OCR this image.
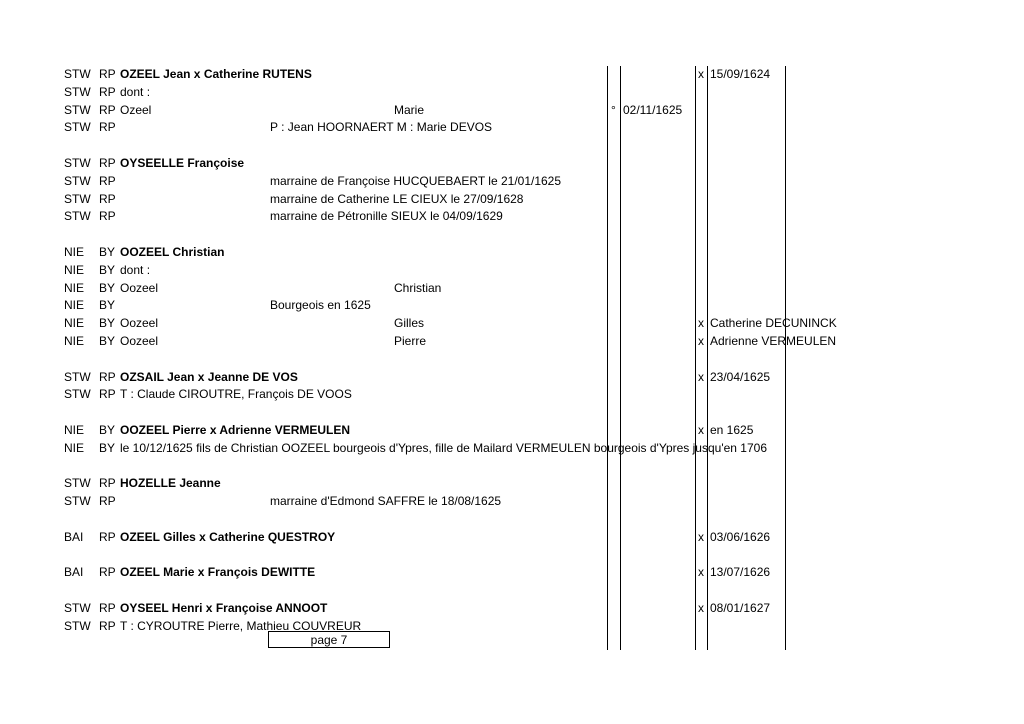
STW RP OZEEL Jean x Catherine RUTENS	x 15/09/1624
STW RP dont :
STW RP Ozeel	Marie	° 02/11/1625
STW RP	P : Jean HOORNAERT M : Marie DEVOS
STW RP OYSEELLE Françoise
STW RP	marraine de Françoise HUCQUEBAERT le 21/01/1625
STW RP	marraine de Catherine LE CIEUX le 27/09/1628
STW RP	marraine de Pétronille SIEUX le 04/09/1629
NIE BY OOZEEL Christian
NIE BY dont :
NIE BY Oozeel	Christian
NIE BY	Bourgeois en 1625
NIE BY Oozeel	Gilles	x Catherine DECUNINCK
NIE BY Oozeel	Pierre	x Adrienne VERMEULEN
STW RP OZSAIL Jean x Jeanne DE VOS	x 23/04/1625
STW RP T : Claude CIROUTRE, François DE VOOS
NIE BY OOZEEL Pierre x Adrienne VERMEULEN	x en 1625
NIE BY le 10/12/1625 fils de Christian OOZEEL bourgeois d'Ypres, fille de Mailard VERMEULEN bourgeois d'Ypres jusqu'en 1706
STW RP HOZELLE Jeanne
STW RP	marraine d'Edmond SAFFRE le 18/08/1625
BAI RP OZEEL Gilles x Catherine QUESTROY	x 03/06/1626
BAI RP OZEEL Marie x François DEWITTE	x 13/07/1626
STW RP OYSEEL Henri x Françoise ANNOOT	x 08/01/1627
STW RP T : CYROUTRE Pierre, Mathieu COUVREUR
page 7
